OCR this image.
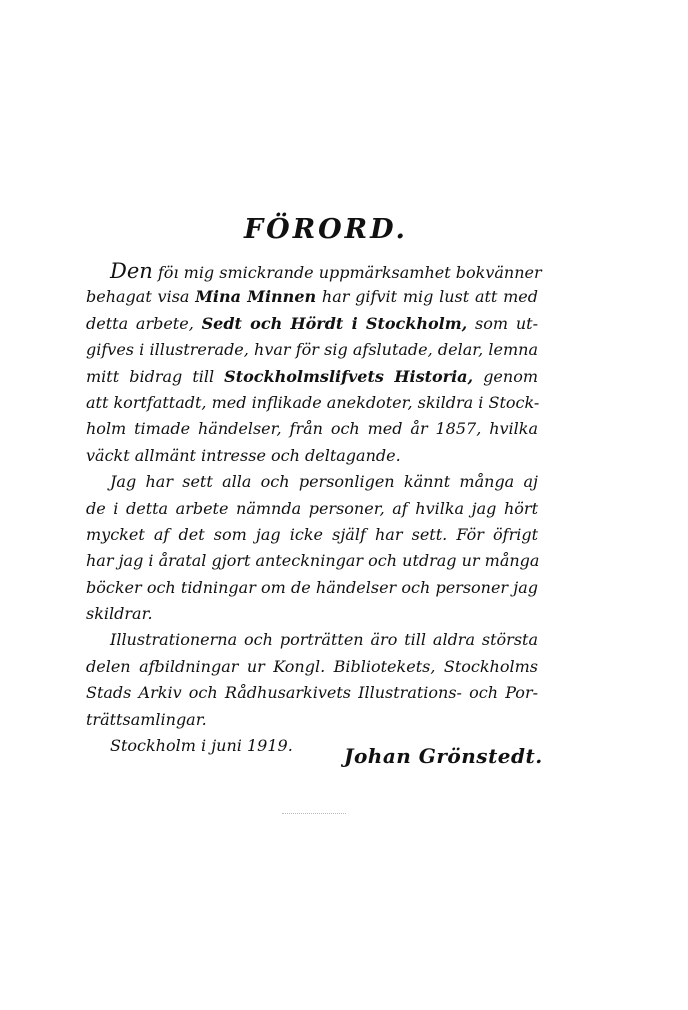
FÖRORD.
Den föı mig smickrande uppmärksamhet bokvänner
behagat visa Mina Minnen har gifvit mig lust att med
detta arbete, Sedt och Hördt i Stockholm, som ut-
gifves i illustrerade, hvar för sig afslutade, delar, lemna
mitt bidrag till Stockholmslifvets Historia, genom
att kortfattadt, med inflikade anekdoter, skildra i Stock-
holm timade händelser, från och med år 1857, hvilka
väckt allmänt intresse och deltagande.
Jag har sett alla och personligen kännt många aj
de i detta arbete nämnda personer, af hvilka jag hört
mycket af det som jag icke själf har sett. För öfrigt
har jag i åratal gjort anteckningar och utdrag ur många
böcker och tidningar om de händelser och personer jag
skildrar.
Illustrationerna och porträtten äro till aldra största
delen afbildningar ur Kongl. Bibliotekets, Stockholms
Stads Arkiv och Rådhusarkivets Illustrations- och Por-
trättsamlingar.
Stockholm i juni 1919.	Johan Grönstedt.
